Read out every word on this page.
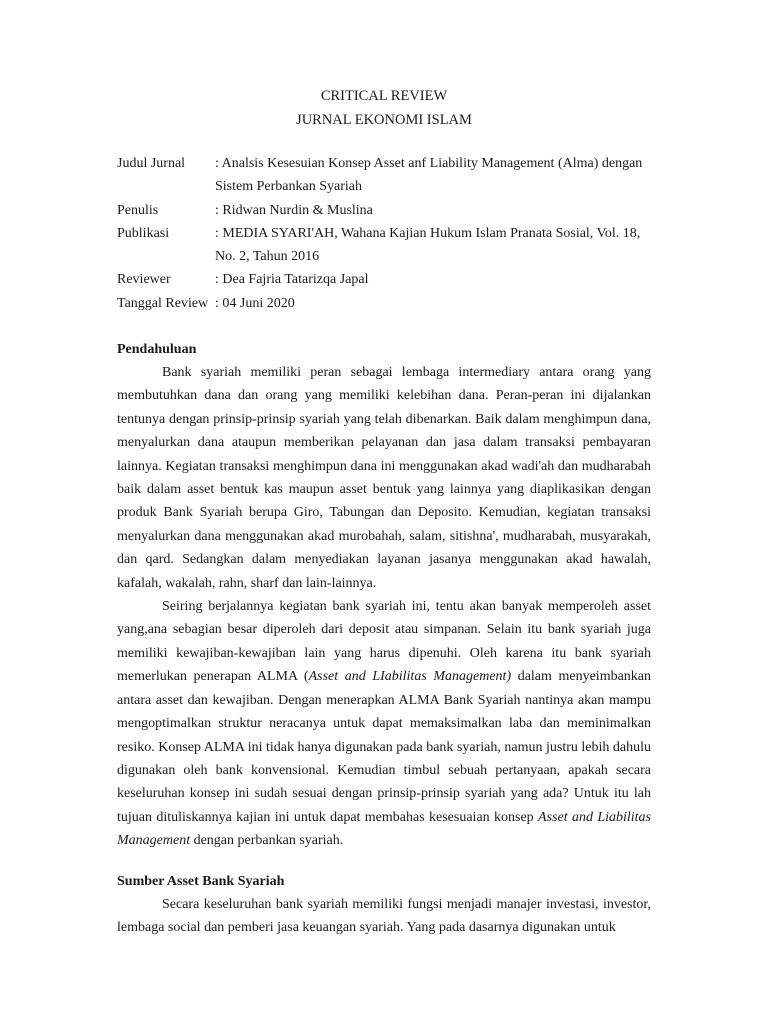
CRITICAL REVIEW
JURNAL EKONOMI ISLAM
Judul Jurnal : Analsis Kesesuian Konsep Asset anf Liability Management (Alma) dengan Sistem Perbankan Syariah
Penulis	: Ridwan Nurdin & Muslina
Publikasi	: MEDIA SYARI'AH, Wahana Kajian Hukum Islam Pranata Sosial, Vol. 18, No. 2, Tahun 2016
Reviewer	: Dea Fajria Tatarizqa Japal
Tanggal Review : 04 Juni 2020
Pendahuluan

Bank syariah memiliki peran sebagai lembaga intermediary antara orang yang membutuhkan dana dan orang yang memiliki kelebihan dana. Peran-peran ini dijalankan tentunya dengan prinsip-prinsip syariah yang telah dibenarkan. Baik dalam menghimpun dana, menyalurkan dana ataupun memberikan pelayanan dan jasa dalam transaksi pembayaran lainnya. Kegiatan transaksi menghimpun dana ini menggunakan akad wadi'ah dan mudharabah baik dalam asset bentuk kas maupun asset bentuk yang lainnya yang diaplikasikan dengan produk Bank Syariah berupa Giro, Tabungan dan Deposito. Kemudian, kegiatan transaksi menyalurkan dana menggunakan akad murobahah, salam, sitishna', mudharabah, musyarakah, dan qard. Sedangkan dalam menyediakan layanan jasanya menggunakan akad hawalah, kafalah, wakalah, rahn, sharf dan lain-lainnya.

Seiring berjalannya kegiatan bank syariah ini, tentu akan banyak memperoleh asset yang,ana sebagian besar diperoleh dari deposit atau simpanan. Selain itu bank syariah juga memiliki kewajiban-kewajiban lain yang harus dipenuhi. Oleh karena itu bank syariah memerlukan penerapan ALMA (Asset and LIabilitas Management) dalam menyeimbankan antara asset dan kewajiban. Dengan menerapkan ALMA Bank Syariah nantinya akan mampu mengoptimalkan struktur neracanya untuk dapat memaksimalkan laba dan meminimalkan resiko. Konsep ALMA ini tidak hanya digunakan pada bank syariah, namun justru lebih dahulu digunakan oleh bank konvensional. Kemudian timbul sebuah pertanyaan, apakah secara keseluruhan konsep ini sudah sesuai dengan prinsip-prinsip syariah yang ada? Untuk itu lah tujuan dituliskannya kajian ini untuk dapat membahas kesesuaian konsep Asset and Liabilitas Management dengan perbankan syariah.

Sumber Asset Bank Syariah

Secara keseluruhan bank syariah memiliki fungsi menjadi manajer investasi, investor, lembaga social dan pemberi jasa keuangan syariah. Yang pada dasarnya digunakan untuk
